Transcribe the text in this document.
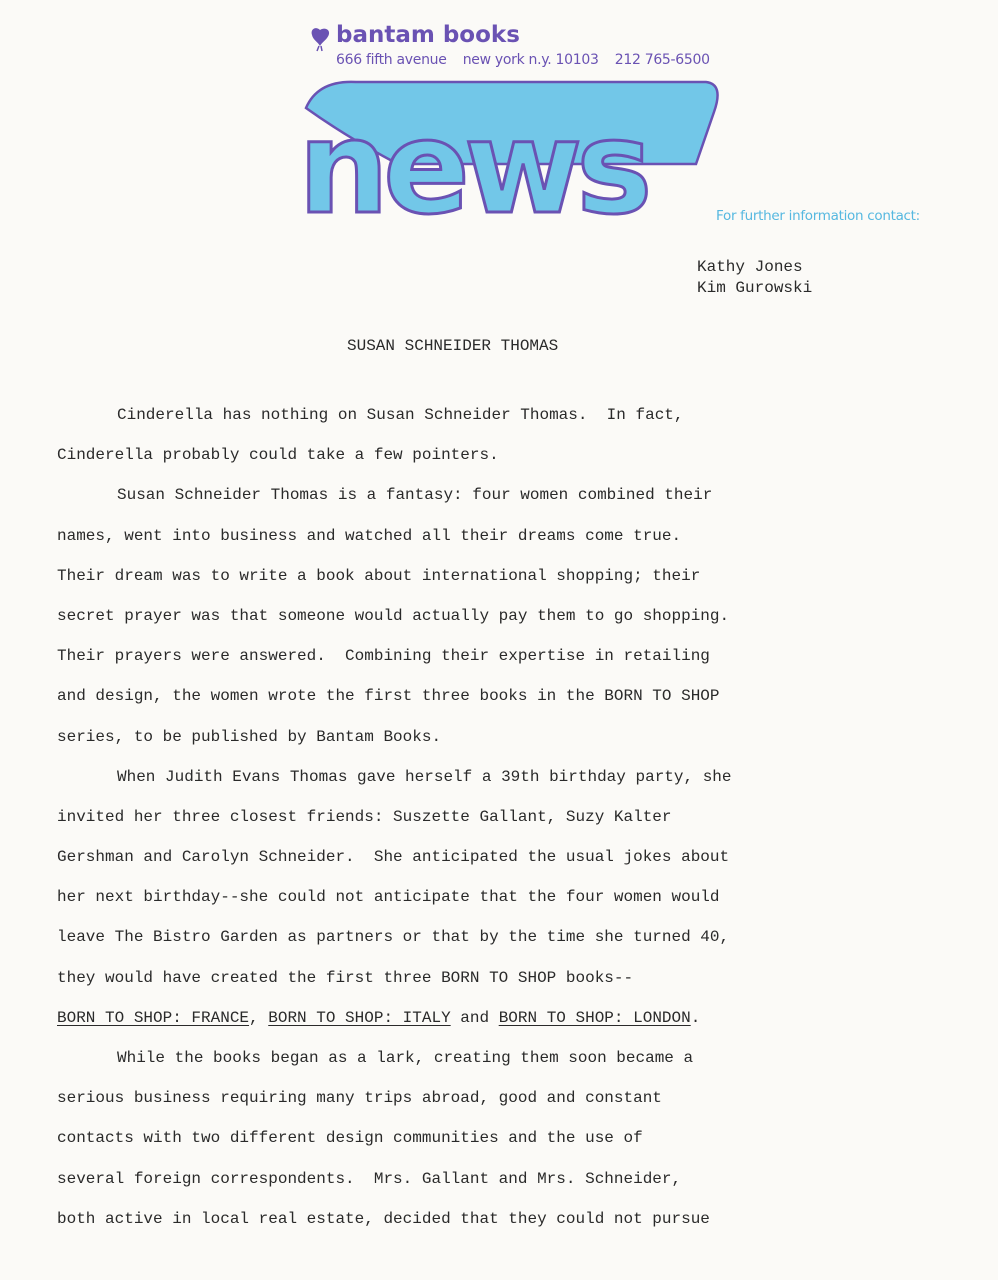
bantam books
666 fifth avenue new york n.y. 10103 212 765-6500
news	For further information contact:
Kathy Jones
Kim Gurowski
SUSAN SCHNEIDER THOMAS
Cinderella has nothing on Susan Schneider Thomas.  In fact,
Cinderella probably could take a few pointers.
Susan Schneider Thomas is a fantasy: four women combined their
names, went into business and watched all their dreams come true.
Their dream was to write a book about international shopping; their
secret prayer was that someone would actually pay them to go shopping.
Their prayers were answered.  Combining their expertise in retailing
and design, the women wrote the first three books in the BORN TO SHOP
series, to be published by Bantam Books.
When Judith Evans Thomas gave herself a 39th birthday party, she
invited her three closest friends: Suszette Gallant, Suzy Kalter
Gershman and Carolyn Schneider.  She anticipated the usual jokes about
her next birthday--she could not anticipate that the four women would
leave The Bistro Garden as partners or that by the time she turned 40,
they would have created the first three BORN TO SHOP books--
BORN TO SHOP: FRANCE, BORN TO SHOP: ITALY and BORN TO SHOP: LONDON.
While the books began as a lark, creating them soon became a
serious business requiring many trips abroad, good and constant
contacts with two different design communities and the use of
several foreign correspondents.  Mrs. Gallant and Mrs. Schneider,
both active in local real estate, decided that they could not pursue
